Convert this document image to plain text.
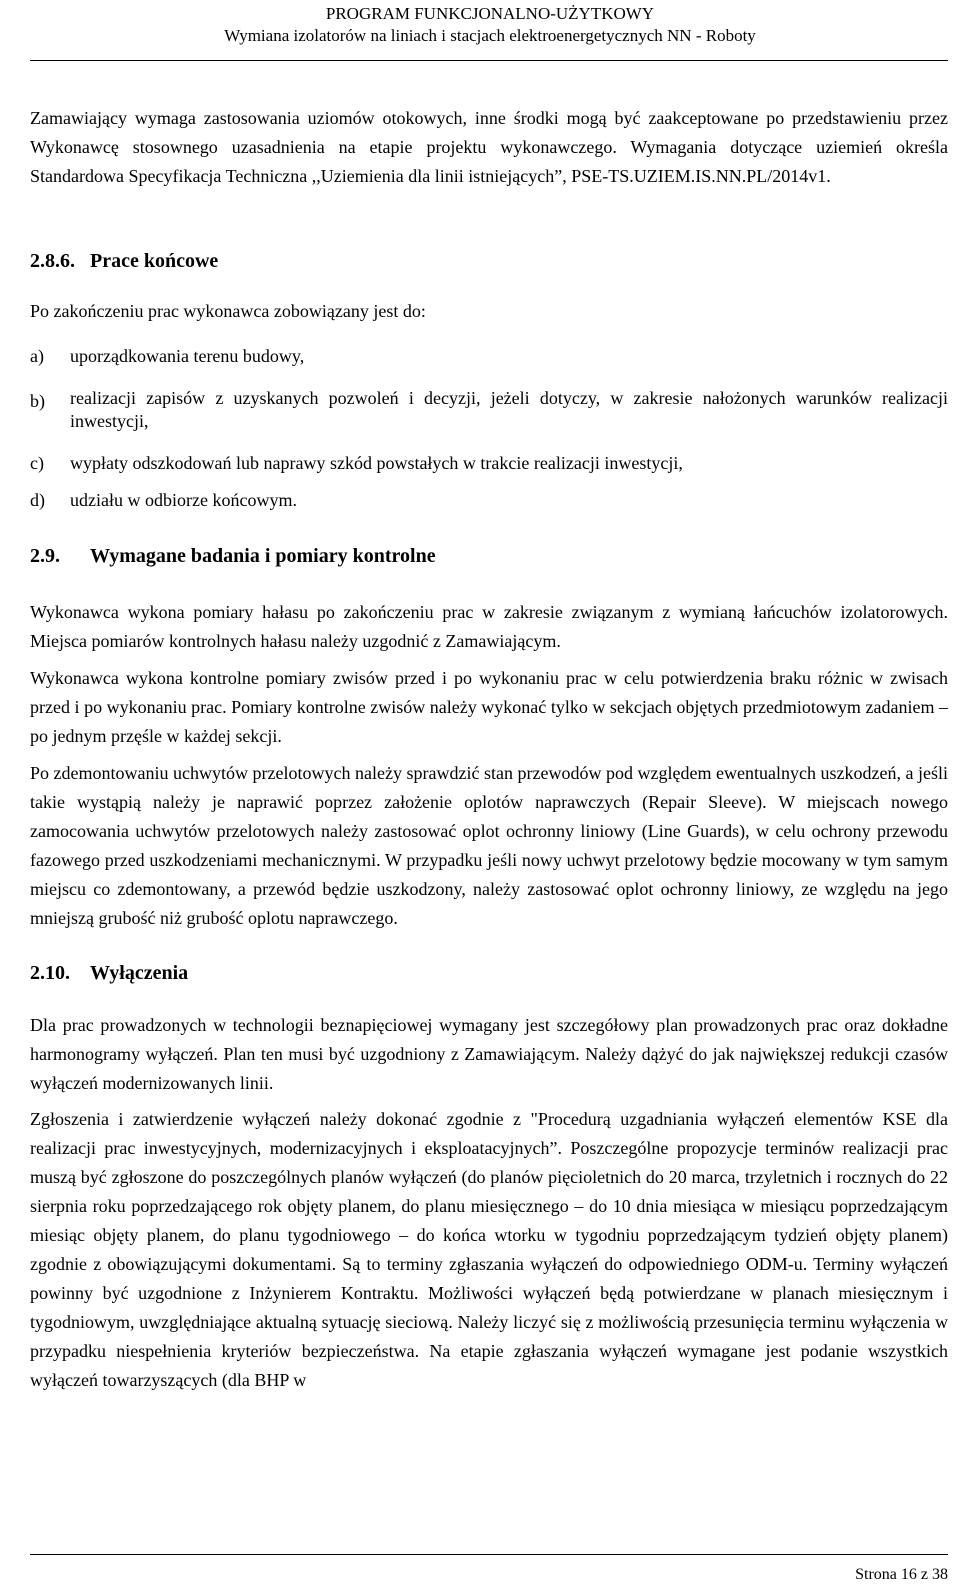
PROGRAM FUNKCJONALNO-UŻYTKOWY
Wymiana izolatorów na liniach i stacjach elektroenergetycznych NN - Roboty

Zamawiający wymaga zastosowania uziomów otokowych, inne środki mogą być zaakceptowane po przedstawieniu przez Wykonawcę stosownego uzasadnienia na etapie projektu wykonawczego. Wymagania dotyczące uziemień określa Standardowa Specyfikacja Techniczna ,,Uziemienia dla linii istniejących”, PSE-TS.UZIEM.IS.NN.PL/2014v1.

2.8.6. Prace końcowe

Po zakończeniu prac wykonawca zobowiązany jest do:

a)	uporządkowania terenu budowy,
b)	realizacji zapisów z uzyskanych pozwoleń i decyzji, jeżeli dotyczy, w zakresie nałożonych warunków realizacji inwestycji,
c)	wypłaty odszkodowań lub naprawy szkód powstałych w trakcie realizacji inwestycji,
d)	udziału w odbiorze końcowym.
2.9.	Wymagane badania i pomiary kontrolne

Wykonawca wykona pomiary hałasu po zakończeniu prac w zakresie związanym z wymianą łańcuchów izolatorowych. Miejsca pomiarów kontrolnych hałasu należy uzgodnić z Zamawiającym.

Wykonawca wykona kontrolne pomiary zwisów przed i po wykonaniu prac w celu potwierdzenia braku różnic w zwisach przed i po wykonaniu prac. Pomiary kontrolne zwisów należy wykonać tylko w sekcjach objętych przedmiotowym zadaniem – po jednym przęśle w każdej sekcji.

Po zdemontowaniu uchwytów przelotowych należy sprawdzić stan przewodów pod względem ewentualnych uszkodzeń, a jeśli takie wystąpią należy je naprawić poprzez założenie oplotów naprawczych (Repair Sleeve). W miejscach nowego zamocowania uchwytów przelotowych należy zastosować oplot ochronny liniowy (Line Guards), w celu ochrony przewodu fazowego przed uszkodzeniami mechanicznymi. W przypadku jeśli nowy uchwyt przelotowy będzie mocowany w tym samym miejscu co zdemontowany, a przewód będzie uszkodzony, należy zastosować oplot ochronny liniowy, ze względu na jego mniejszą grubość niż grubość oplotu naprawczego.

2.10.	Wyłączenia

Dla prac prowadzonych w technologii beznapięciowej wymagany jest szczegółowy plan prowadzonych prac oraz dokładne harmonogramy wyłączeń. Plan ten musi być uzgodniony z Zamawiającym. Należy dążyć do jak największej redukcji czasów wyłączeń modernizowanych linii.

Zgłoszenia i zatwierdzenie wyłączeń należy dokonać zgodnie z "Procedurą uzgadniania wyłączeń elementów KSE dla realizacji prac inwestycyjnych, modernizacyjnych i eksploatacyjnych”. Poszczególne propozycje terminów realizacji prac muszą być zgłoszone do poszczególnych planów wyłączeń (do planów pięcioletnich do 20 marca, trzyletnich i rocznych do 22 sierpnia roku poprzedzającego rok objęty planem, do planu miesięcznego – do 10 dnia miesiąca w miesiącu poprzedzającym miesiąc objęty planem, do planu tygodniowego – do końca wtorku w tygodniu poprzedzającym tydzień objęty planem) zgodnie z obowiązującymi dokumentami. Są to terminy zgłaszania wyłączeń do odpowiedniego ODM-u. Terminy wyłączeń powinny być uzgodnione z Inżynierem Kontraktu. Możliwości wyłączeń będą potwierdzane w planach miesięcznym i tygodniowym, uwzględniające aktualną sytuację sieciową. Należy liczyć się z możliwością przesunięcia terminu wyłączenia w przypadku niespełnienia kryteriów bezpieczeństwa. Na etapie zgłaszania wyłączeń wymagane jest podanie wszystkich wyłączeń towarzyszących (dla BHP w

Strona 16 z 38
